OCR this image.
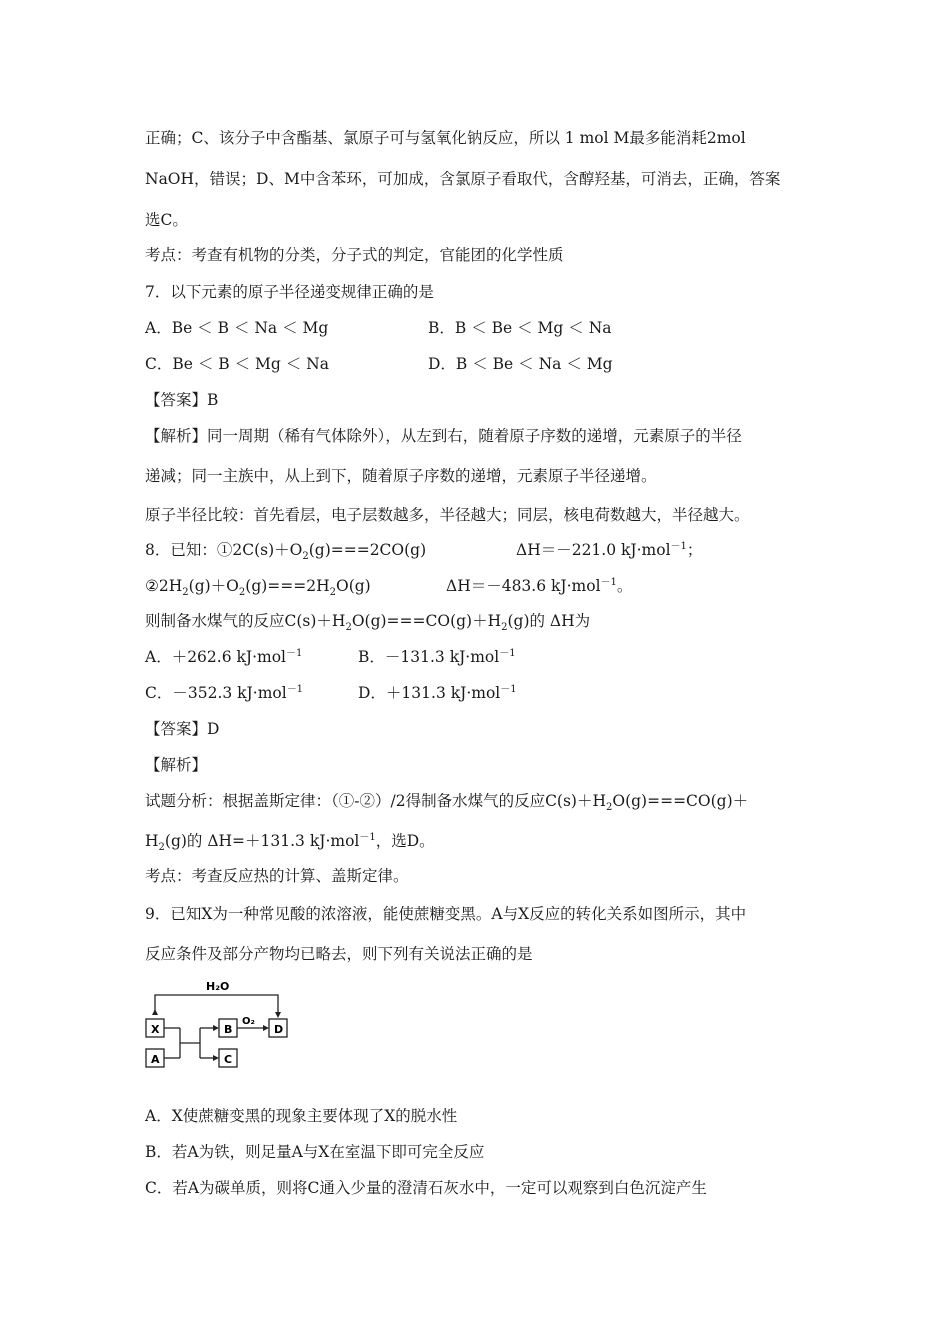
正确；C、该分子中含酯基、氯原子可与氢氧化钠反应，所以 1 mol M最多能消耗2mol
NaOH，错误；D、M中含苯环，可加成，含氯原子看取代，含醇羟基，可消去，正确，答案
选C。
考点：考查有机物的分类，分子式的判定，官能团的化学性质
7．以下元素的原子半径递变规律正确的是
A．Be ＜ B ＜ Na ＜ Mg	B．B ＜ Be ＜ Mg ＜ Na
C．Be ＜ B ＜ Mg ＜ Na	D．B ＜ Be ＜ Na ＜ Mg
【答案】B
【解析】同一周期（稀有气体除外），从左到右，随着原子序数的递增，元素原子的半径
递减；同一主族中，从上到下，随着原子序数的递增，元素原子半径递增。
原子半径比较：首先看层，电子层数越多，半径越大；同层，核电荷数越大，半径越大。
8．已知：$①2C(s)+O_2(g)===2CO(g)$	ΔH＝－221.0 kJ·mol$^{-1}$；
$②2H_2(g)+O_2(g)===2H_2O(g)$	ΔH＝－483.6 kJ·mol$^{-1}$。
则制备水煤气的反应$C(s)+H_2O(g)===CO(g)+H_2(g)$的 ΔH为
A．＋262.6 kJ·mol$^{-1}$	B．－131.3 kJ·mol$^{-1}$
C．－352.3 kJ·mol$^{-1}$	D．＋131.3 kJ·mol$^{-1}$
【答案】D
【解析】
试题分析：根据盖斯定律：（①-②）/2得制备水煤气的反应$C(s)+H_2O(g)===CO(g)+$
$H_2(g)$的 ΔH=＋131.3 kJ·mol$^{-1}$，选D。
考点：考查反应热的计算、盖斯定律。
9．已知X为一种常见酸的浓溶液，能使蔗糖变黑。A与X反应的转化关系如图所示，其中
反应条件及部分产物均已略去，则下列有关说法正确的是
H₂O
O₂
X
A
B
C
D
A．X使蔗糖变黑的现象主要体现了X的脱水性
B．若A为铁，则足量A与X在室温下即可完全反应
C．若A为碳单质，则将C通入少量的澄清石灰水中，一定可以观察到白色沉淀产生
